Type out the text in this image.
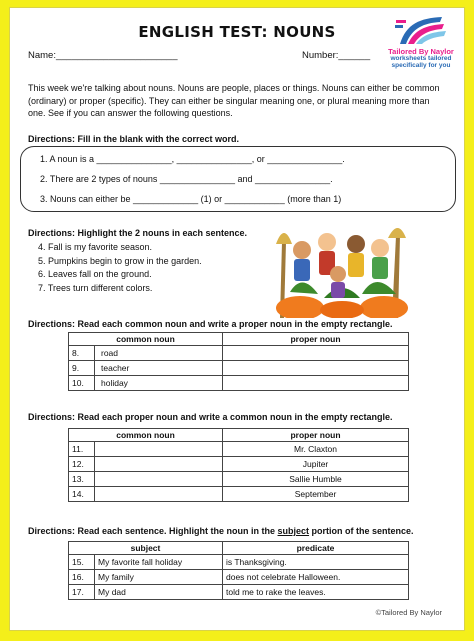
ENGLISH TEST: NOUNS
Tailored By Naylor
worksheets tailored
specifically for you
Name:_______________________	Number:______
This week we're talking about nouns. Nouns are people, places or things. Nouns can either be common (ordinary) or proper (specific). They can either be singular meaning one, or plural meaning more than one. See if you can answer the following questions.
Directions: Fill in the blank with the correct word.
1. A noun is a _______________, _______________, or _______________.
2. There are 2 types of nouns _______________ and _______________.
3. Nouns can either be _____________ (1) or ____________ (more than 1)
Directions: Highlight the 2 nouns in each sentence.
4. Fall is my favorite season.
5. Pumpkins begin to grow in the garden.
6. Leaves fall on the ground.
7. Trees turn different colors.
Directions: Read each common noun and write a proper noun in the empty rectangle.
common noun		proper noun
8.	road	
9.	teacher	
10.	holiday	
Directions: Read each proper noun and write a common noun in the empty rectangle.
common noun		proper noun
11.		Mr. Claxton
12.		Jupiter
13.		Sallie Humble
14.		September
Directions: Read each sentence. Highlight the noun in the subject portion of the sentence.
subject		predicate
15.	My favorite fall holiday	is Thanksgiving.
16.	My family	does not celebrate Halloween.
17.	My dad	told me to rake the leaves.
©Tailored By Naylor
